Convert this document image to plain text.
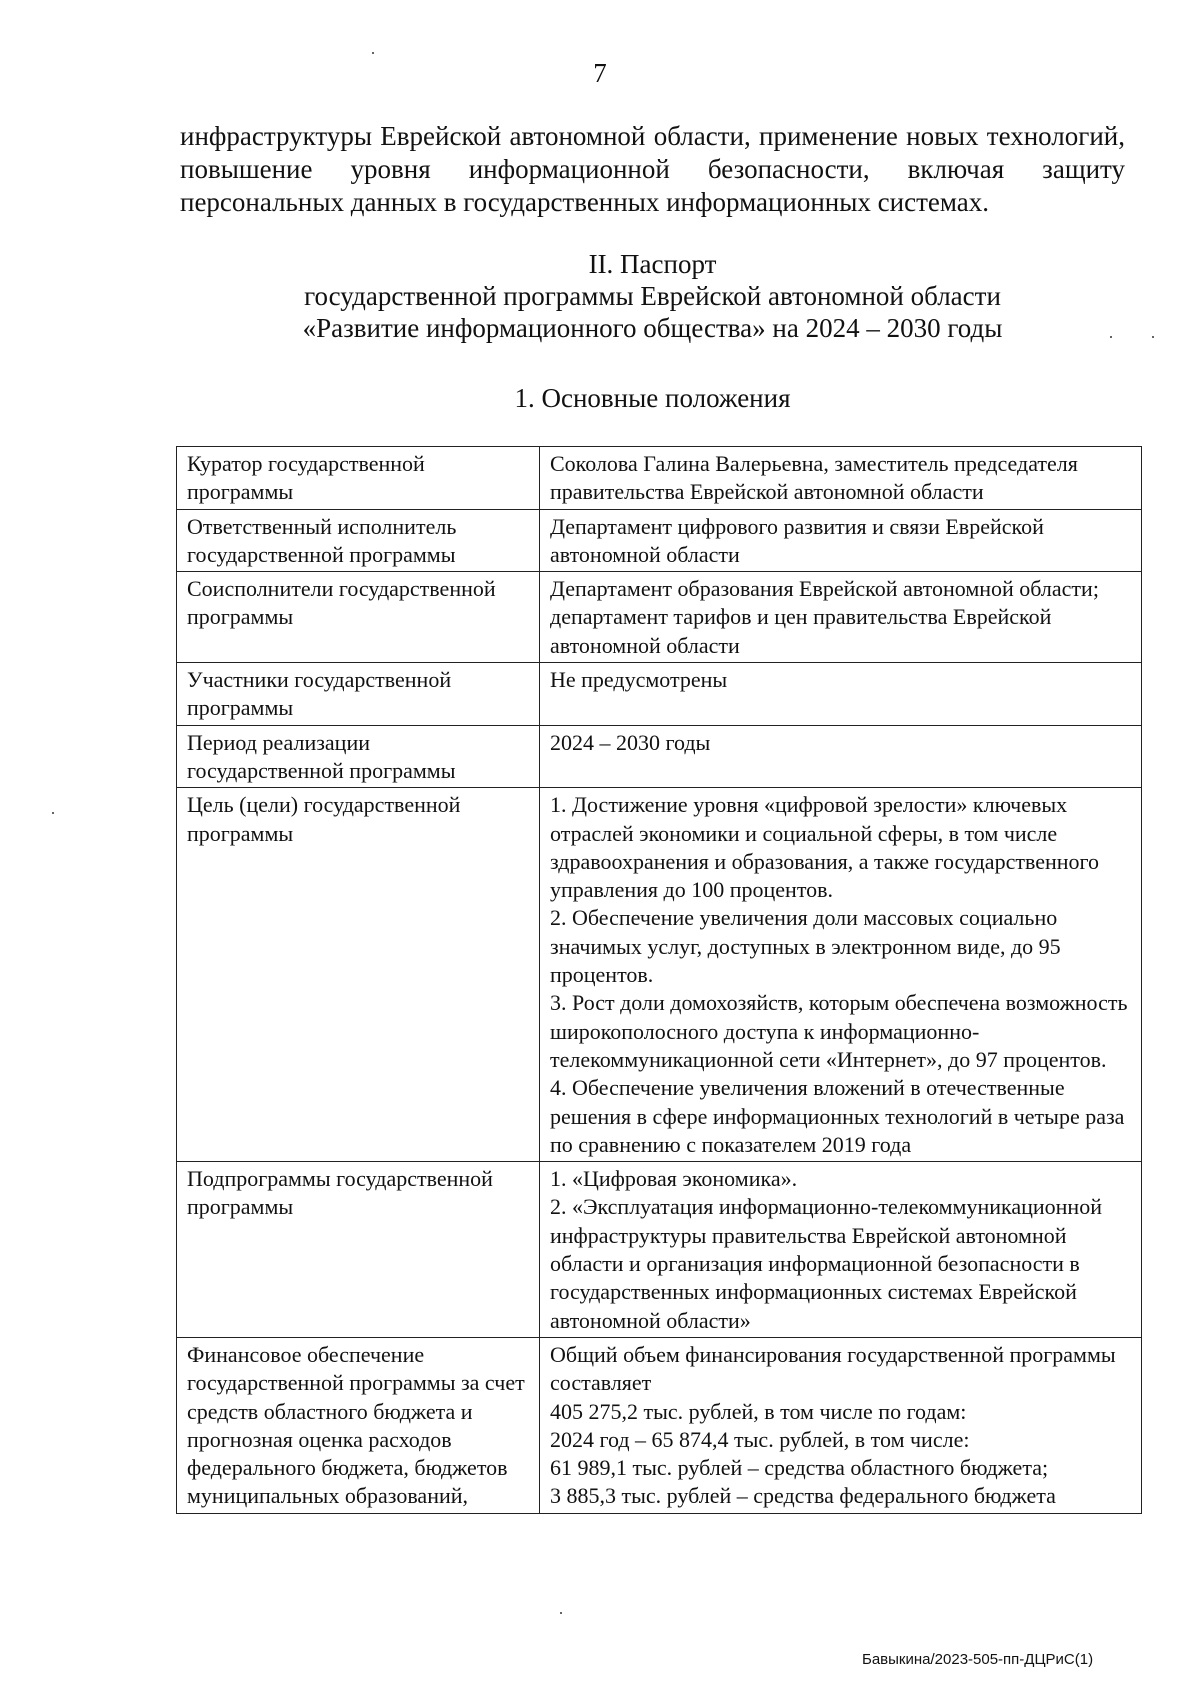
7

инфраструктуры Еврейской автономной области, применение новых технологий, повышение уровня информационной безопасности, включая защиту персональных данных в государственных информационных системах.

II. Паспорт
государственной программы Еврейской автономной области
«Развитие информационного общества» на 2024 – 2030 годы
1. Основные положения
Куратор государственной программы	Соколова Галина Валерьевна, заместитель председателя правительства Еврейской автономной области

Ответственный исполнитель государственной программы	Департамент цифрового развития и связи Еврейской автономной области

Соисполнители государственной программы	Департамент образования Еврейской автономной области;
департамент тарифов и цен правительства Еврейской автономной области

Участники государственной программы	Не предусмотрены

Период реализации государственной программы	2024 – 2030 годы

Цель (цели) государственной программы	1. Достижение уровня «цифровой зрелости» ключевых отраслей экономики и социальной сферы, в том числе здравоохранения и образования, а также государственного управления до 100 процентов.
2. Обеспечение увеличения доли массовых социально значимых услуг, доступных в электронном виде, до 95 процентов.
3. Рост доли домохозяйств, которым обеспечена возможность широкополосного доступа к информационно-телекоммуникационной сети «Интернет», до 97 процентов.
4. Обеспечение увеличения вложений в отечественные решения в сфере информационных технологий в четыре раза по сравнению с показателем 2019 года

Подпрограммы государственной программы	1. «Цифровая экономика».
2. «Эксплуатация информационно-телекоммуникационной инфраструктуры правительства Еврейской автономной области и организация информационной безопасности в государственных информационных системах Еврейской автономной области»

Финансовое обеспечение государственной программы за счет средств областного бюджета и прогнозная оценка расходов федерального бюджета, бюджетов муниципальных образований,	Общий объем финансирования государственной программы составляет
405 275,2 тыс. рублей, в том числе по годам:
2024 год – 65 874,4 тыс. рублей, в том числе:
61 989,1 тыс. рублей – средства областного бюджета;
3 885,3 тыс. рублей – средства федерального бюджета
Бавыкина/2023-505-пп-ДЦРиС(1)
